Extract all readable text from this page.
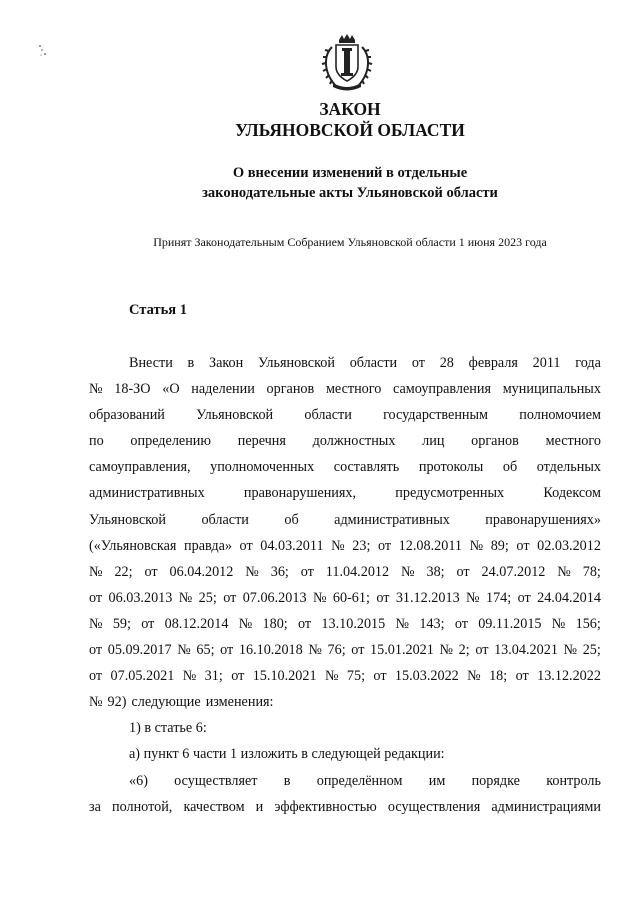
ЗАКОН
УЛЬЯНОВСКОЙ ОБЛАСТИ
О внесении изменений в отдельные
законодательные акты Ульяновской области
Принят Законодательным Собранием Ульяновской области 1 июня 2023 года
Статья 1
Внести в Закон Ульяновской области от 28 февраля 2011 года
№ 18-ЗО «О наделении органов местного самоуправления муниципальных
образований Ульяновской области государственным полномочием
по определению перечня должностных лиц органов местного
самоуправления, уполномоченных составлять протоколы об отдельных
административных	правонарушениях,	предусмотренных	Кодексом
Ульяновской области об административных правонарушениях»
(«Ульяновская правда» от 04.03.2011 № 23; от 12.08.2011 № 89; от 02.03.2012
№ 22; от 06.04.2012 № 36; от 11.04.2012 № 38; от 24.07.2012 № 78;
от 06.03.2013 № 25; от 07.06.2013 № 60-61; от 31.12.2013 № 174; от 24.04.2014
№ 59; от 08.12.2014 № 180; от 13.10.2015 № 143; от 09.11.2015 № 156;
от 05.09.2017 № 65; от 16.10.2018 № 76; от 15.01.2021 № 2; от 13.04.2021 № 25;
от 07.05.2021 № 31; от 15.10.2021 № 75; от 15.03.2022 № 18; от 13.12.2022
№ 92) следующие изменения:
1) в статье 6:
а) пункт 6 части 1 изложить в следующей редакции:
«6) осуществляет в определённом им порядке контроль
за полнотой, качеством и эффективностью осуществления администрациями
